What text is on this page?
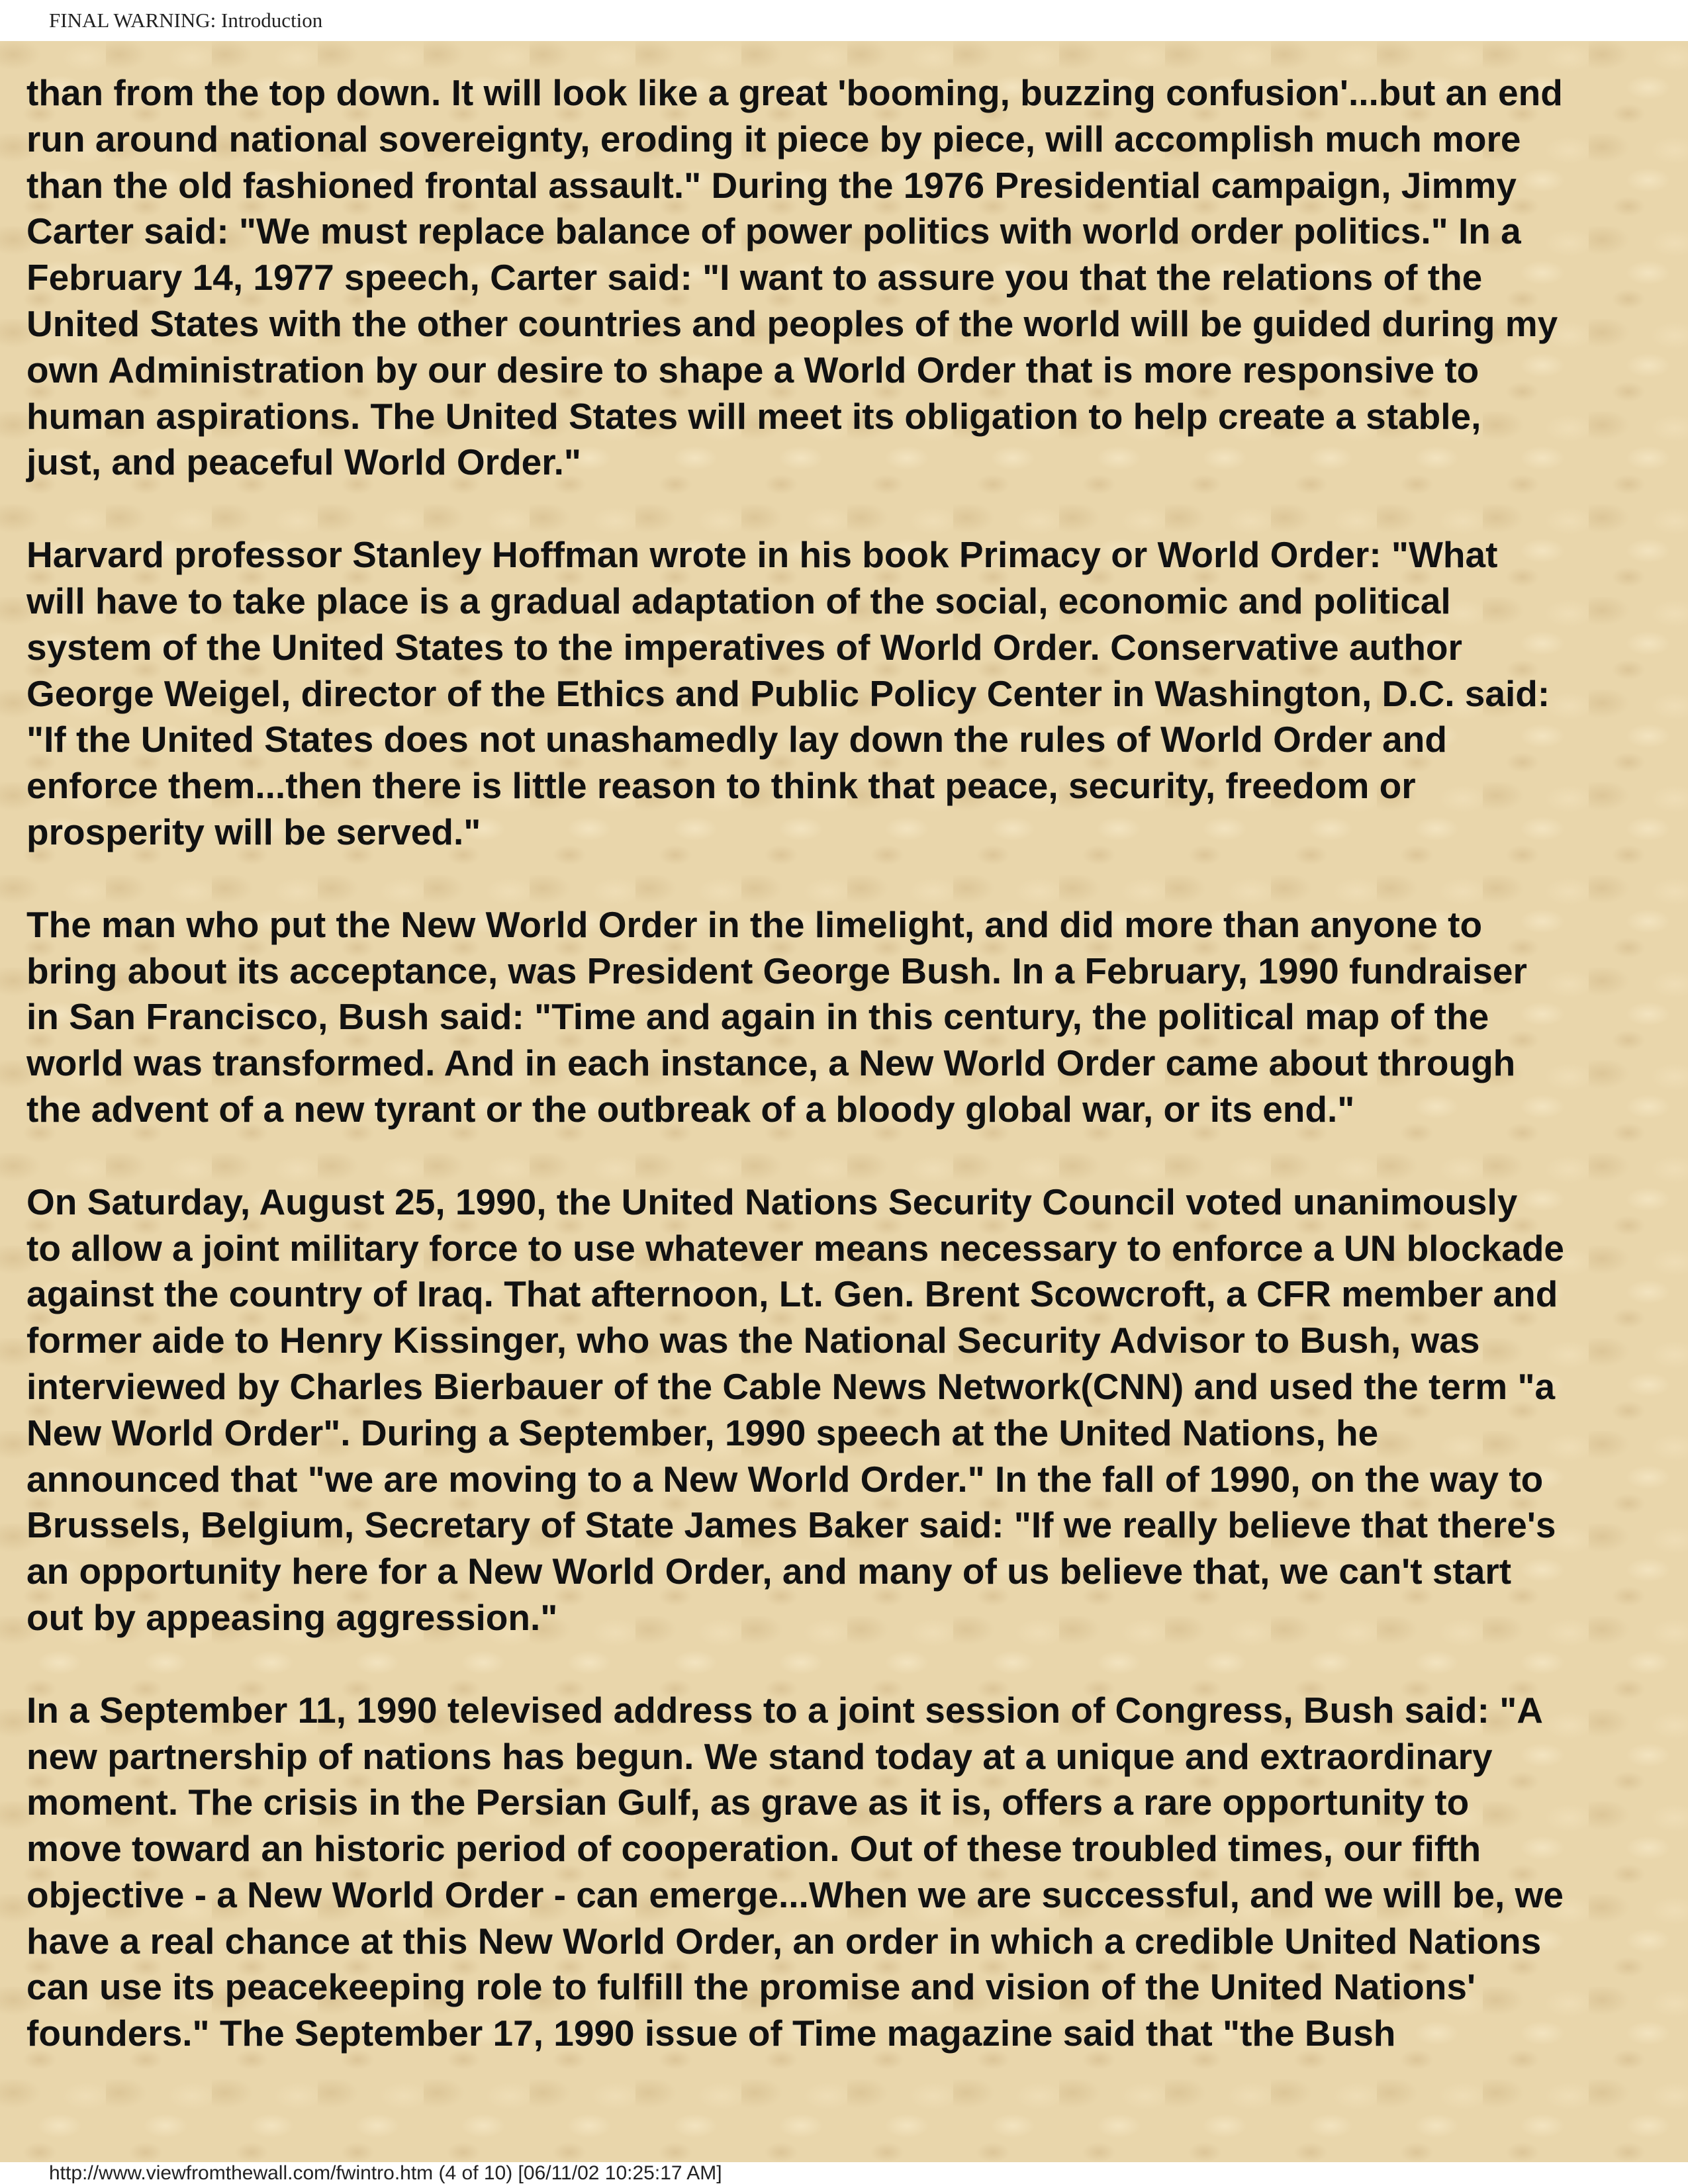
FINAL WARNING: Introduction

than from the top down. It will look like a great 'booming, buzzing confusion'...but an end
run around national sovereignty, eroding it piece by piece, will accomplish much more
than the old fashioned frontal assault." During the 1976 Presidential campaign, Jimmy
Carter said: "We must replace balance of power politics with world order politics." In a
February 14, 1977 speech, Carter said: "I want to assure you that the relations of the
United States with the other countries and peoples of the world will be guided during my
own Administration by our desire to shape a World Order that is more responsive to
human aspirations. The United States will meet its obligation to help create a stable,
just, and peaceful World Order."

Harvard professor Stanley Hoffman wrote in his book Primacy or World Order: "What
will have to take place is a gradual adaptation of the social, economic and political
system of the United States to the imperatives of World Order. Conservative author
George Weigel, director of the Ethics and Public Policy Center in Washington, D.C. said:
"If the United States does not unashamedly lay down the rules of World Order and
enforce them...then there is little reason to think that peace, security, freedom or
prosperity will be served."

The man who put the New World Order in the limelight, and did more than anyone to
bring about its acceptance, was President George Bush. In a February, 1990 fundraiser
in San Francisco, Bush said: "Time and again in this century, the political map of the
world was transformed. And in each instance, a New World Order came about through
the advent of a new tyrant or the outbreak of a bloody global war, or its end."

On Saturday, August 25, 1990, the United Nations Security Council voted unanimously
to allow a joint military force to use whatever means necessary to enforce a UN blockade
against the country of Iraq. That afternoon, Lt. Gen. Brent Scowcroft, a CFR member and
former aide to Henry Kissinger, who was the National Security Advisor to Bush, was
interviewed by Charles Bierbauer of the Cable News Network(CNN) and used the term "a
New World Order". During a September, 1990 speech at the United Nations, he
announced that "we are moving to a New World Order." In the fall of 1990, on the way to
Brussels, Belgium, Secretary of State James Baker said: "If we really believe that there's
an opportunity here for a New World Order, and many of us believe that, we can't start
out by appeasing aggression."

In a September 11, 1990 televised address to a joint session of Congress, Bush said: "A
new partnership of nations has begun. We stand today at a unique and extraordinary
moment. The crisis in the Persian Gulf, as grave as it is, offers a rare opportunity to
move toward an historic period of cooperation. Out of these troubled times, our fifth
objective - a New World Order - can emerge...When we are successful, and we will be, we
have a real chance at this New World Order, an order in which a credible United Nations
can use its peacekeeping role to fulfill the promise and vision of the United Nations'
founders." The September 17, 1990 issue of Time magazine said that "the Bush

http://www.viewfromthewall.com/fwintro.htm (4 of 10) [06/11/02 10:25:17 AM]
